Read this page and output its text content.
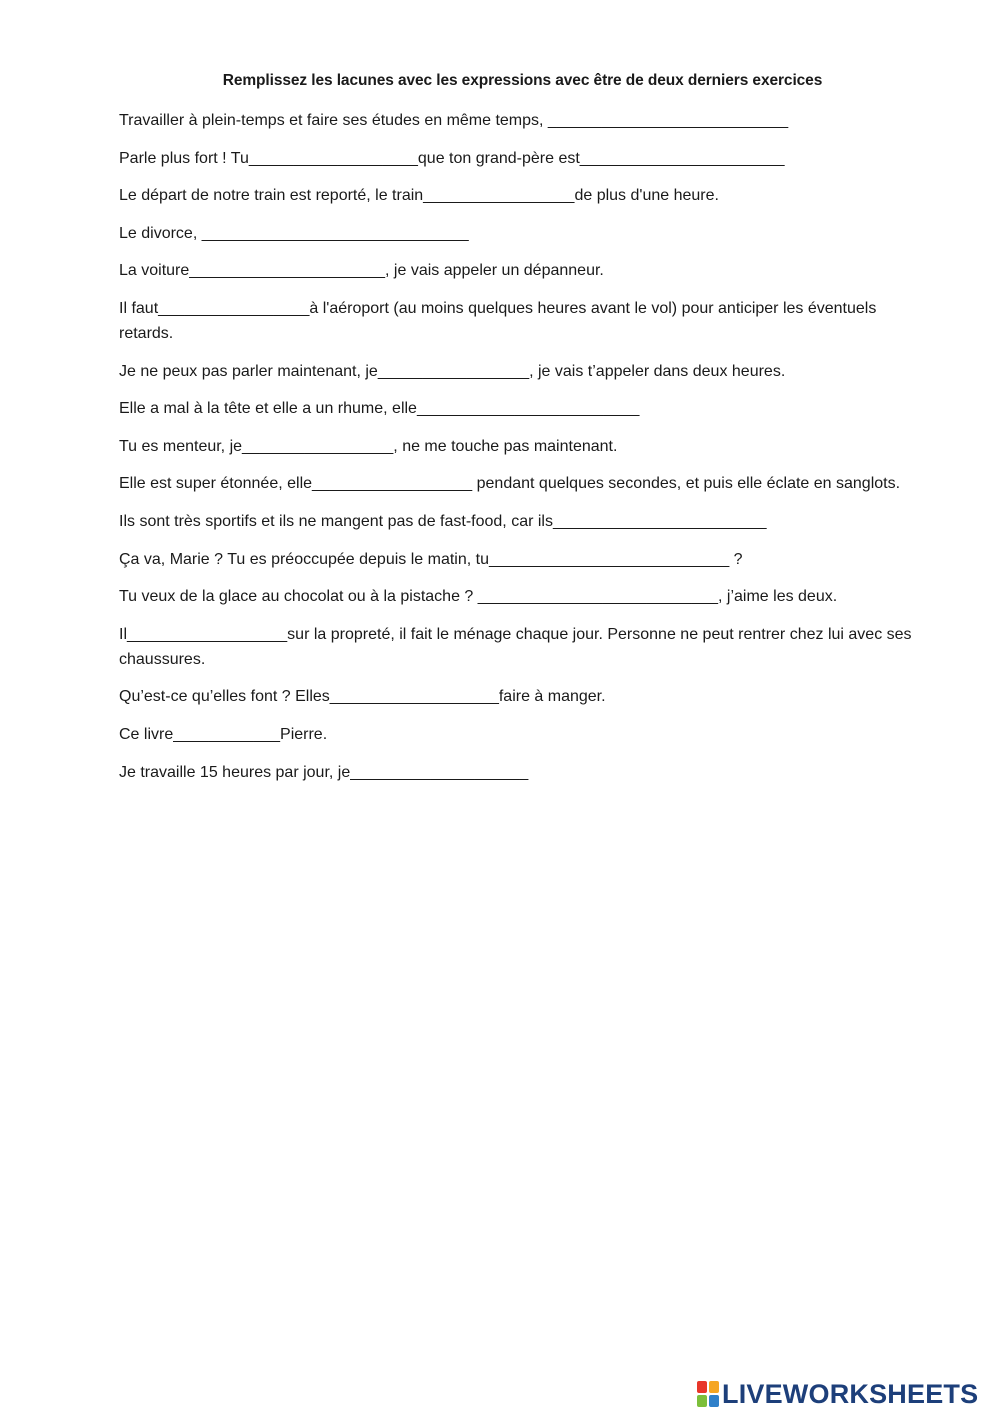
Remplissez les lacunes avec les expressions avec être de deux derniers exercices

Travailler à plein-temps et faire ses études en même temps, ___________________________

Parle plus fort ! Tu___________________que ton grand-père est_______________________

Le départ de notre train est reporté, le train_________________de plus d'une heure.

Le divorce, ______________________________

La voiture______________________, je vais appeler un dépanneur.

Il faut_________________à l'aéroport (au moins quelques heures avant le vol) pour anticiper les éventuels retards.

Je ne peux pas parler maintenant, je_________________, je vais t’appeler dans deux heures.

Elle a mal à la tête et elle a un rhume, elle_________________________

Tu es menteur, je_________________, ne me touche pas maintenant.

Elle est super étonnée, elle__________________ pendant quelques secondes, et puis elle éclate en sanglots.

Ils sont très sportifs et ils ne mangent pas de fast-food, car ils________________________

Ça va, Marie ? Tu es préoccupée depuis le matin, tu___________________________ ?

Tu veux de la glace au chocolat ou à la pistache ? ___________________________, j’aime les deux.

Il__________________sur la propreté, il fait le ménage chaque jour. Personne ne peut rentrer chez lui avec ses chaussures.

Qu’est-ce qu’elles font ? Elles___________________faire à manger.

Ce livre____________Pierre.

Je travaille 15 heures par jour, je____________________

LIVEWORKSHEETS
